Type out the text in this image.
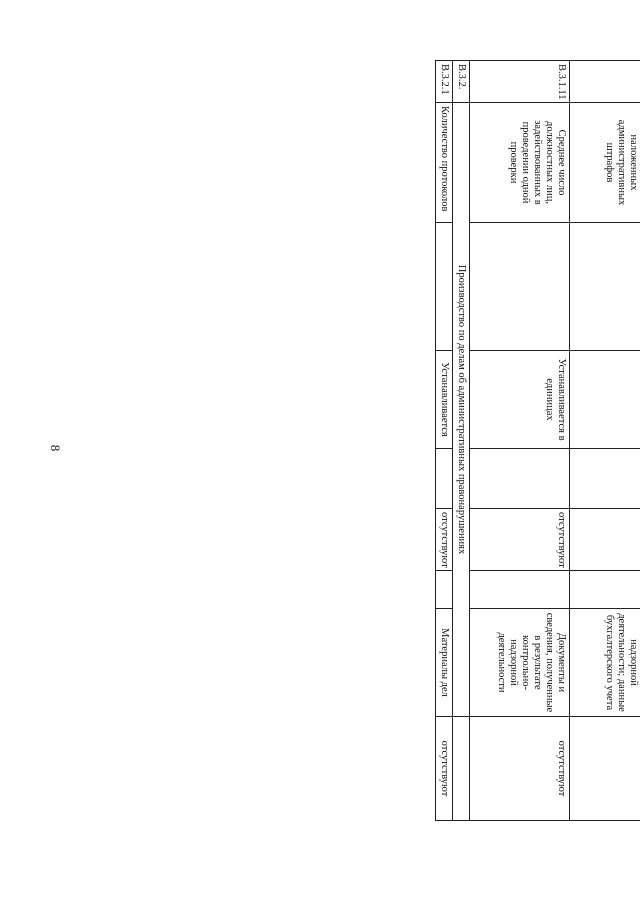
8

	наложенных административных штрафов						надзорной деятельности; данные бухгалтерского учета	
В.3.1.11	Среднее число должностных лиц, задействованных в проведении одной проверки		Устанавливается в единицах		отсутствуют		Документы и сведения, полученные в результате контрольно-надзорной деятельности	отсутствуют
В.3.2.	Производство по делам об административных правонарушениях							
В.3.2.1	Количество протоколов		Устанавливается		отсутствуют		Материалы дел	отсутствуют
